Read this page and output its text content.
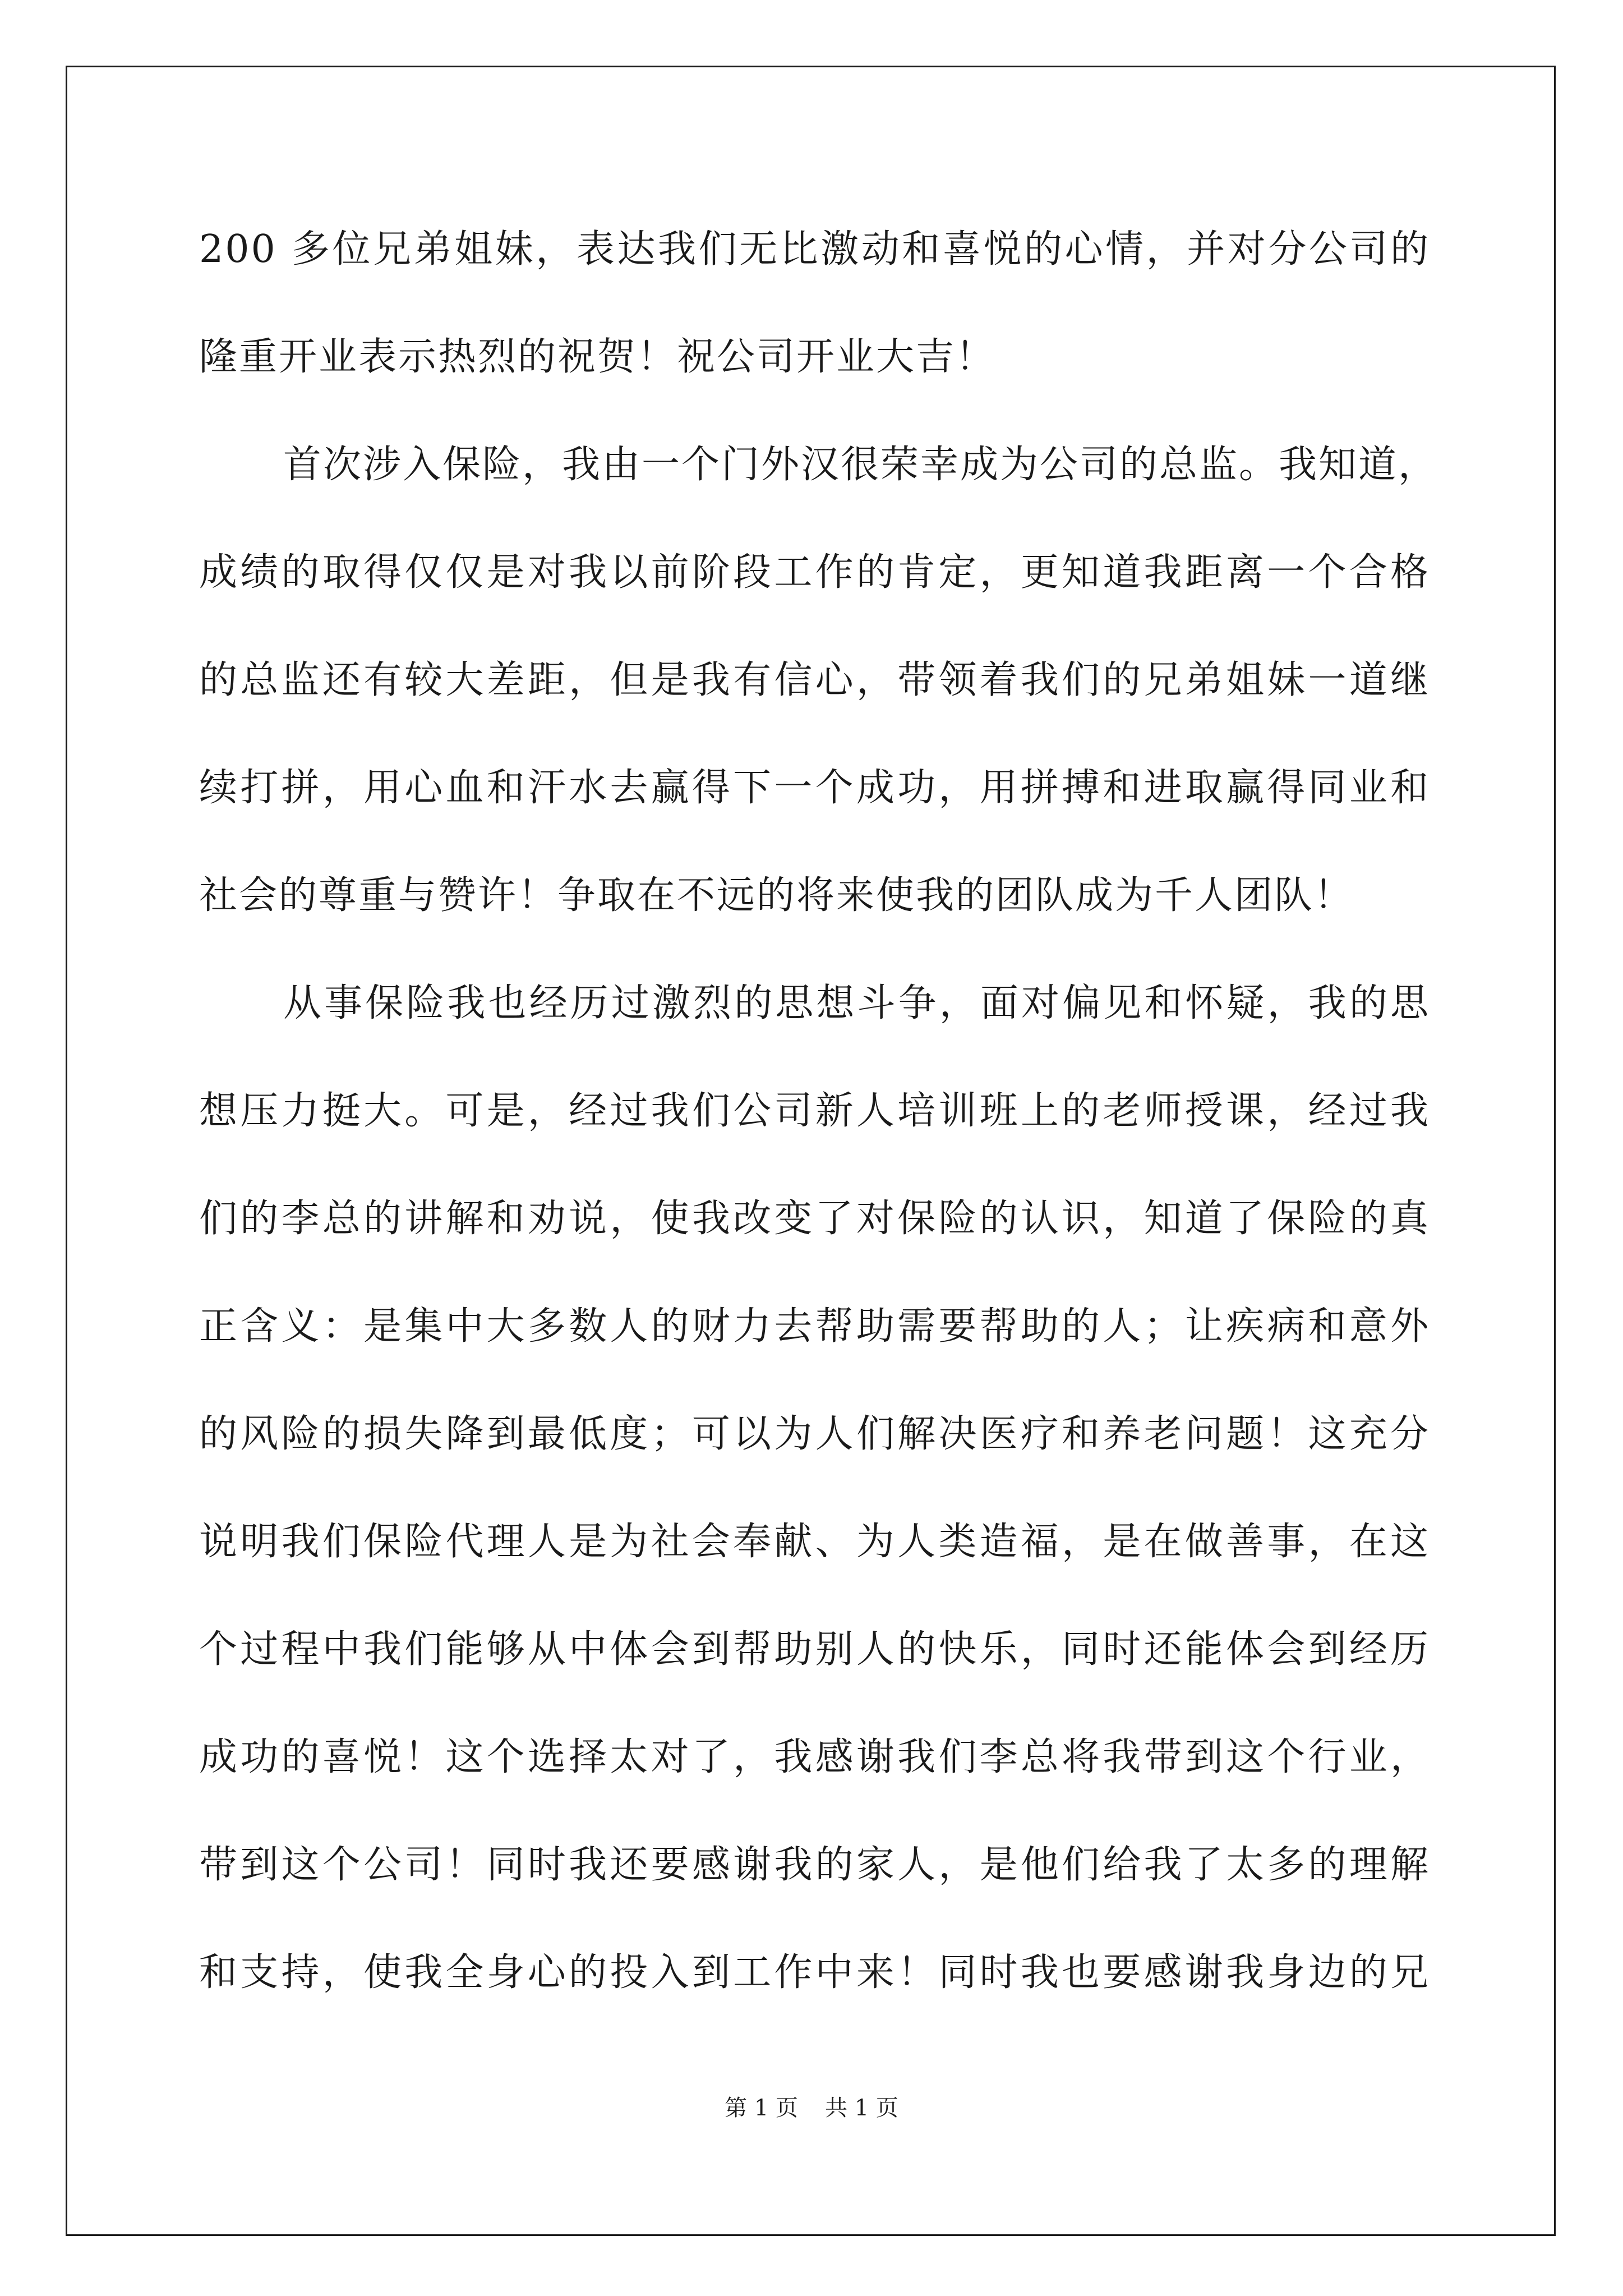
200 多位兄弟姐妹，表达我们无比激动和喜悦的心情，并对分公司的
隆重开业表示热烈的祝贺！祝公司开业大吉！
首次涉入保险，我由一个门外汉很荣幸成为公司的总监。我知道，
成绩的取得仅仅是对我以前阶段工作的肯定，更知道我距离一个合格
的总监还有较大差距，但是我有信心，带领着我们的兄弟姐妹一道继
续打拼，用心血和汗水去赢得下一个成功，用拼搏和进取赢得同业和
社会的尊重与赞许！争取在不远的将来使我的团队成为千人团队！
从事保险我也经历过激烈的思想斗争，面对偏见和怀疑，我的思
想压力挺大。可是，经过我们公司新人培训班上的老师授课，经过我
们的李总的讲解和劝说，使我改变了对保险的认识，知道了保险的真
正含义：是集中大多数人的财力去帮助需要帮助的人；让疾病和意外
的风险的损失降到最低度；可以为人们解决医疗和养老问题！这充分
说明我们保险代理人是为社会奉献、为人类造福，是在做善事，在这
个过程中我们能够从中体会到帮助别人的快乐，同时还能体会到经历
成功的喜悦！这个选择太对了，我感谢我们李总将我带到这个行业，
带到这个公司！同时我还要感谢我的家人，是他们给我了太多的理解
和支持，使我全身心的投入到工作中来！同时我也要感谢我身边的兄
第 1 页 共 1 页
